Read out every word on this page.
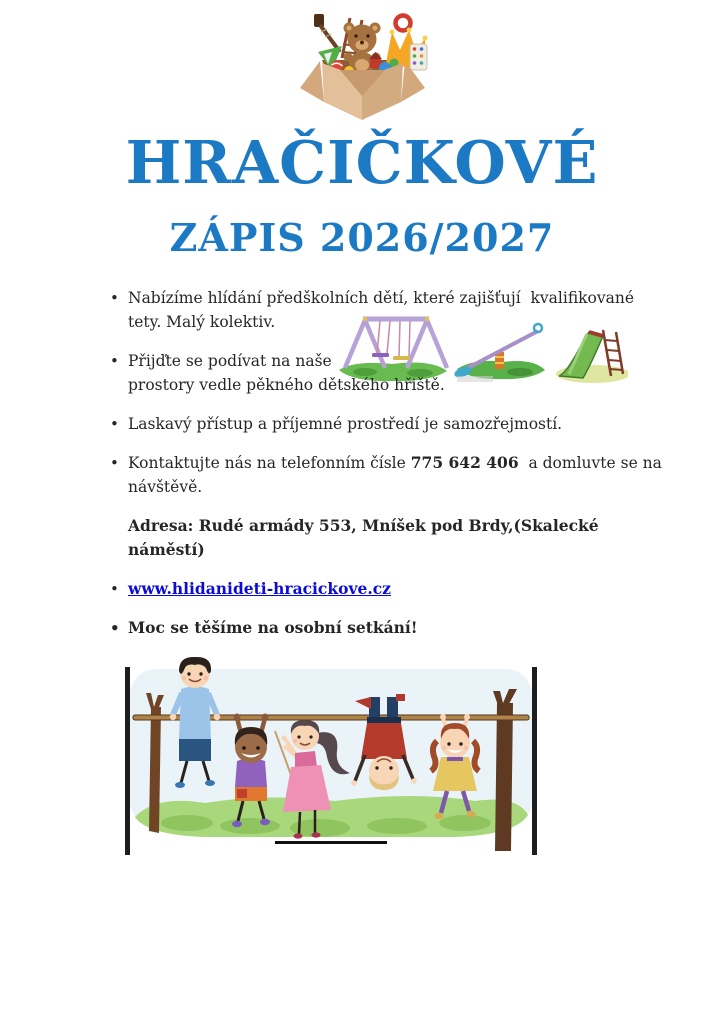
HRAČIČKOVÉ
ZÁPIS 2026/2027
• Nabízíme hlídání předškolních dětí, které zajišťují  kvalifikované
tety. Malý kolektiv.
• Přijďte se podívat na naše
prostory vedle pěkného dětského hřiště.
• Laskavý přístup a příjemné prostředí je samozřejmostí.
• Kontaktujte nás na telefonním čísle 775 642 406  a domluvte se na
návštěvě.

Adresa: Rudé armády 553, Mníšek pod Brdy,(Skalecké
náměstí)

• www.hlidanideti-hracickove.cz
• Moc se těšíme na osobní setkání!
